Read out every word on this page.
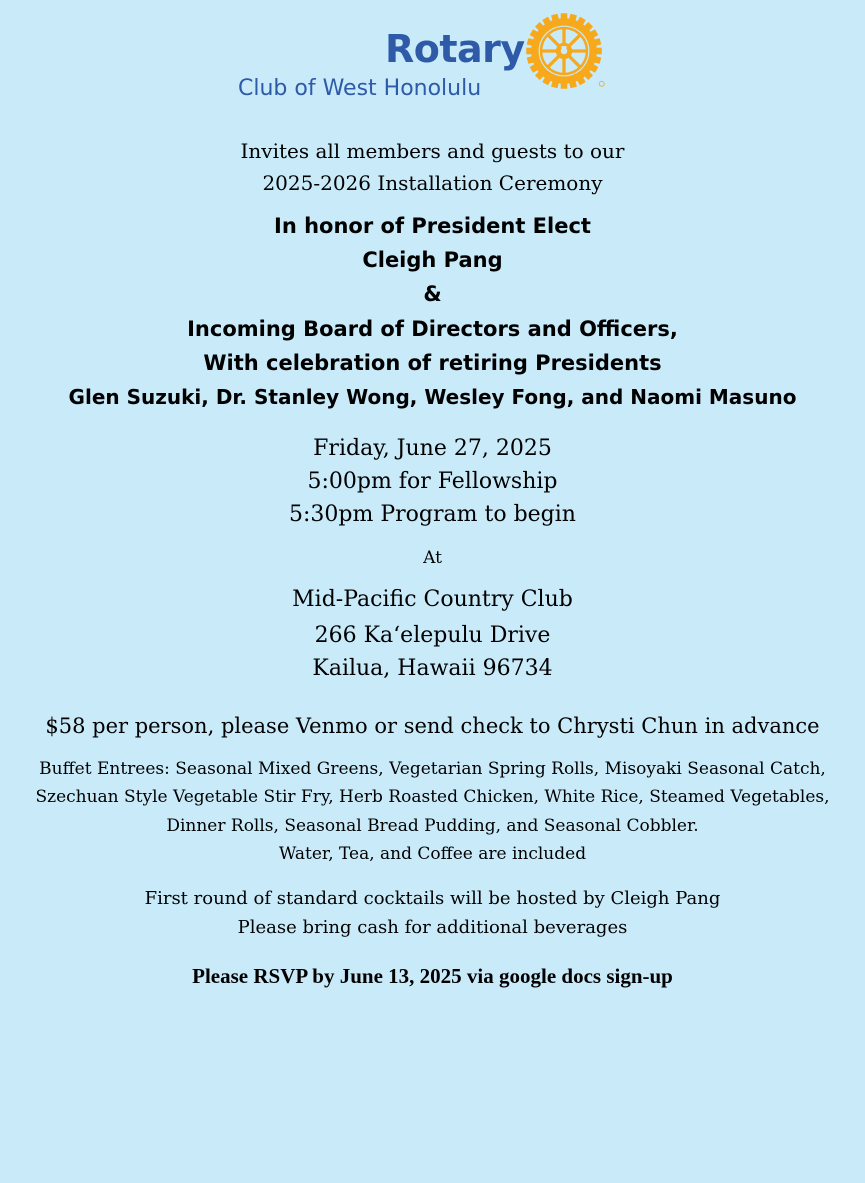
Rotary
Club of West Honolulu
Invites all members and guests to our
2025-2026 Installation Ceremony
In honor of President Elect
Cleigh Pang
&
Incoming Board of Directors and Officers,
With celebration of retiring Presidents
Glen Suzuki, Dr. Stanley Wong, Wesley Fong, and Naomi Masuno
Friday, June 27, 2025
5:00pm for Fellowship
5:30pm Program to begin
At
Mid-Pacific Country Club
266 Ka‘elepulu Drive
Kailua, Hawaii 96734
$58 per person, please Venmo or send check to Chrysti Chun in advance
Buffet Entrees: Seasonal Mixed Greens, Vegetarian Spring Rolls, Misoyaki Seasonal Catch,
Szechuan Style Vegetable Stir Fry, Herb Roasted Chicken, White Rice, Steamed Vegetables,
Dinner Rolls, Seasonal Bread Pudding, and Seasonal Cobbler.
Water, Tea, and Coffee are included
First round of standard cocktails will be hosted by Cleigh Pang
Please bring cash for additional beverages
Please RSVP by June 13, 2025 via google docs sign-up
